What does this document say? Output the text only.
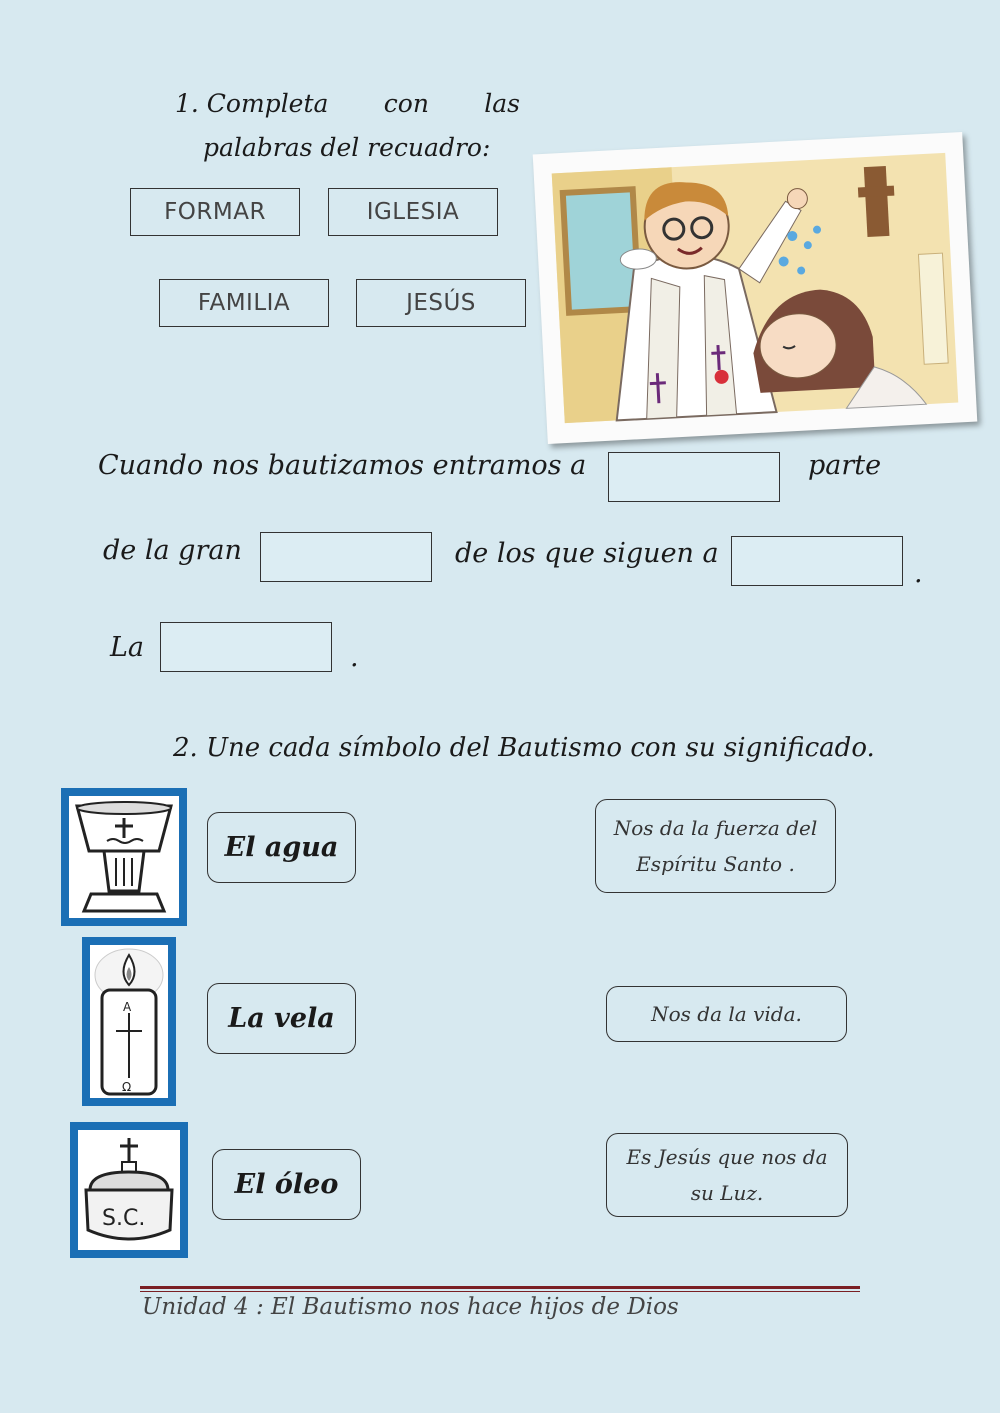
1. Completa con las
palabras del recuadro:
FORMAR	IGLESIA
FAMILIA	JESÚS
Cuando nos bautizamos entramos a	parte
de la gran	de los que siguen a
.
La	.
2. Une cada símbolo del Bautismo con su significado.
El agua
A
Ω
La vela
S.C.
El óleo
Nos da la fuerza del
Espíritu Santo .
Nos da la vida.
Es Jesús que nos da
su Luz.
Unidad 4 : El Bautismo nos hace hijos de Dios
